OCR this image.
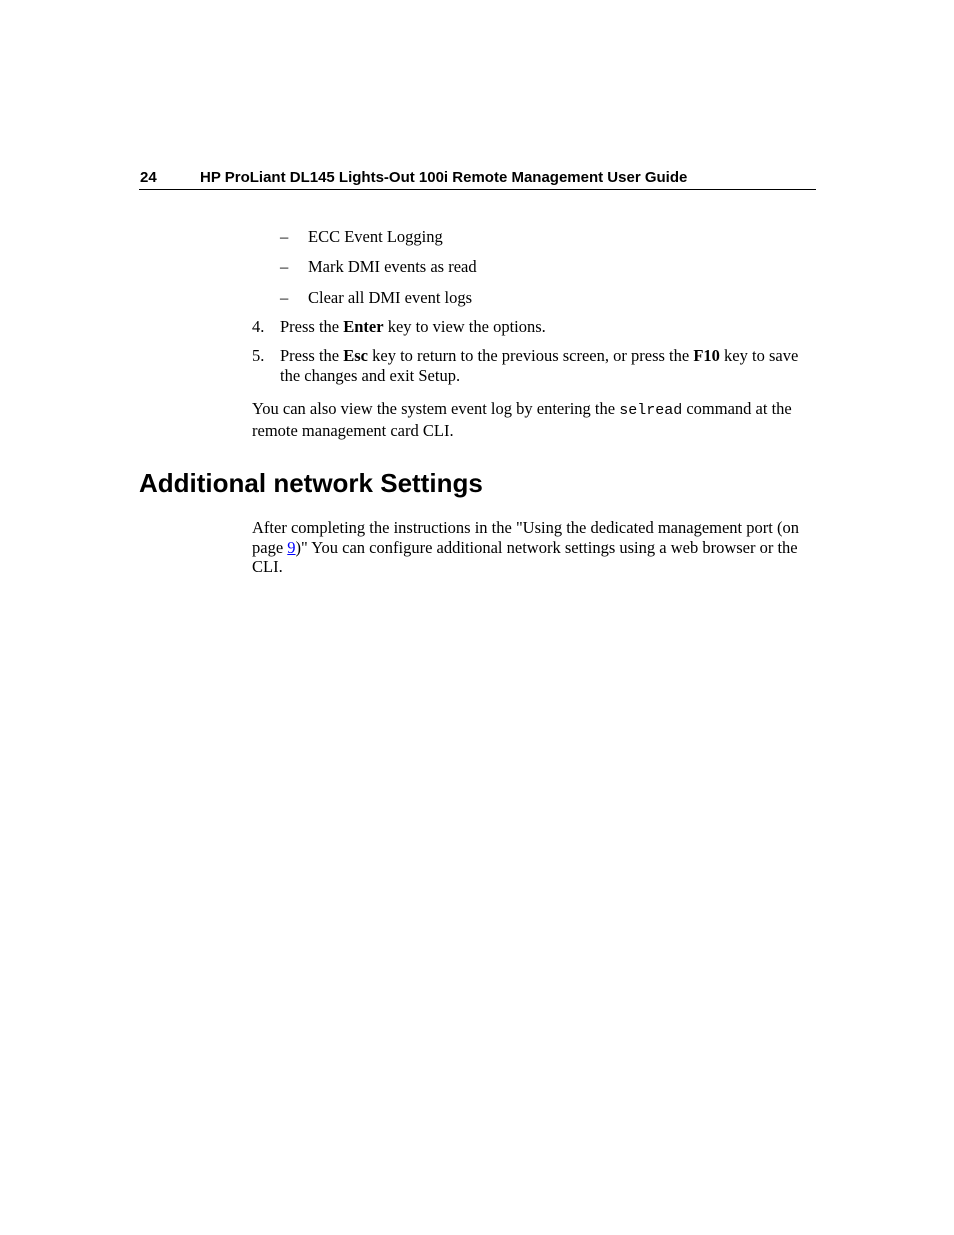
24	HP ProLiant DL145 Lights-Out 100i Remote Management User Guide
– ECC Event Logging
– Mark DMI events as read
– Clear all DMI event logs
4. Press the Enter key to view the options.
5. Press the Esc key to return to the previous screen, or press the F10 key to save the changes and exit Setup.
You can also view the system event log by entering the selread command at the remote management card CLI.
Additional network Settings
After completing the instructions in the "Using the dedicated management port (on page 9)" You can configure additional network settings using a web browser or the CLI.
